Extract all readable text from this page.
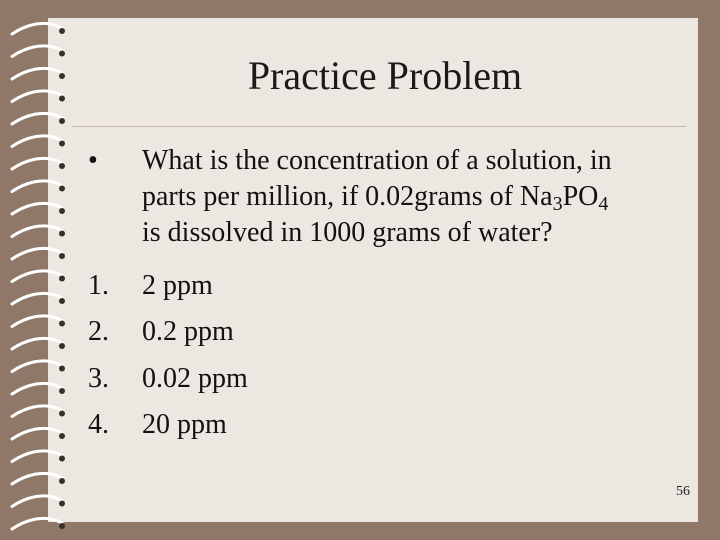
Practice Problem
•	What is the concentration of a solution, in
parts per million, if 0.02grams of $Na_3PO_4$
is dissolved in 1000 grams of water?
1.	2 ppm
2.	0.2 ppm
3.	0.02 ppm
4.	20 ppm
56
